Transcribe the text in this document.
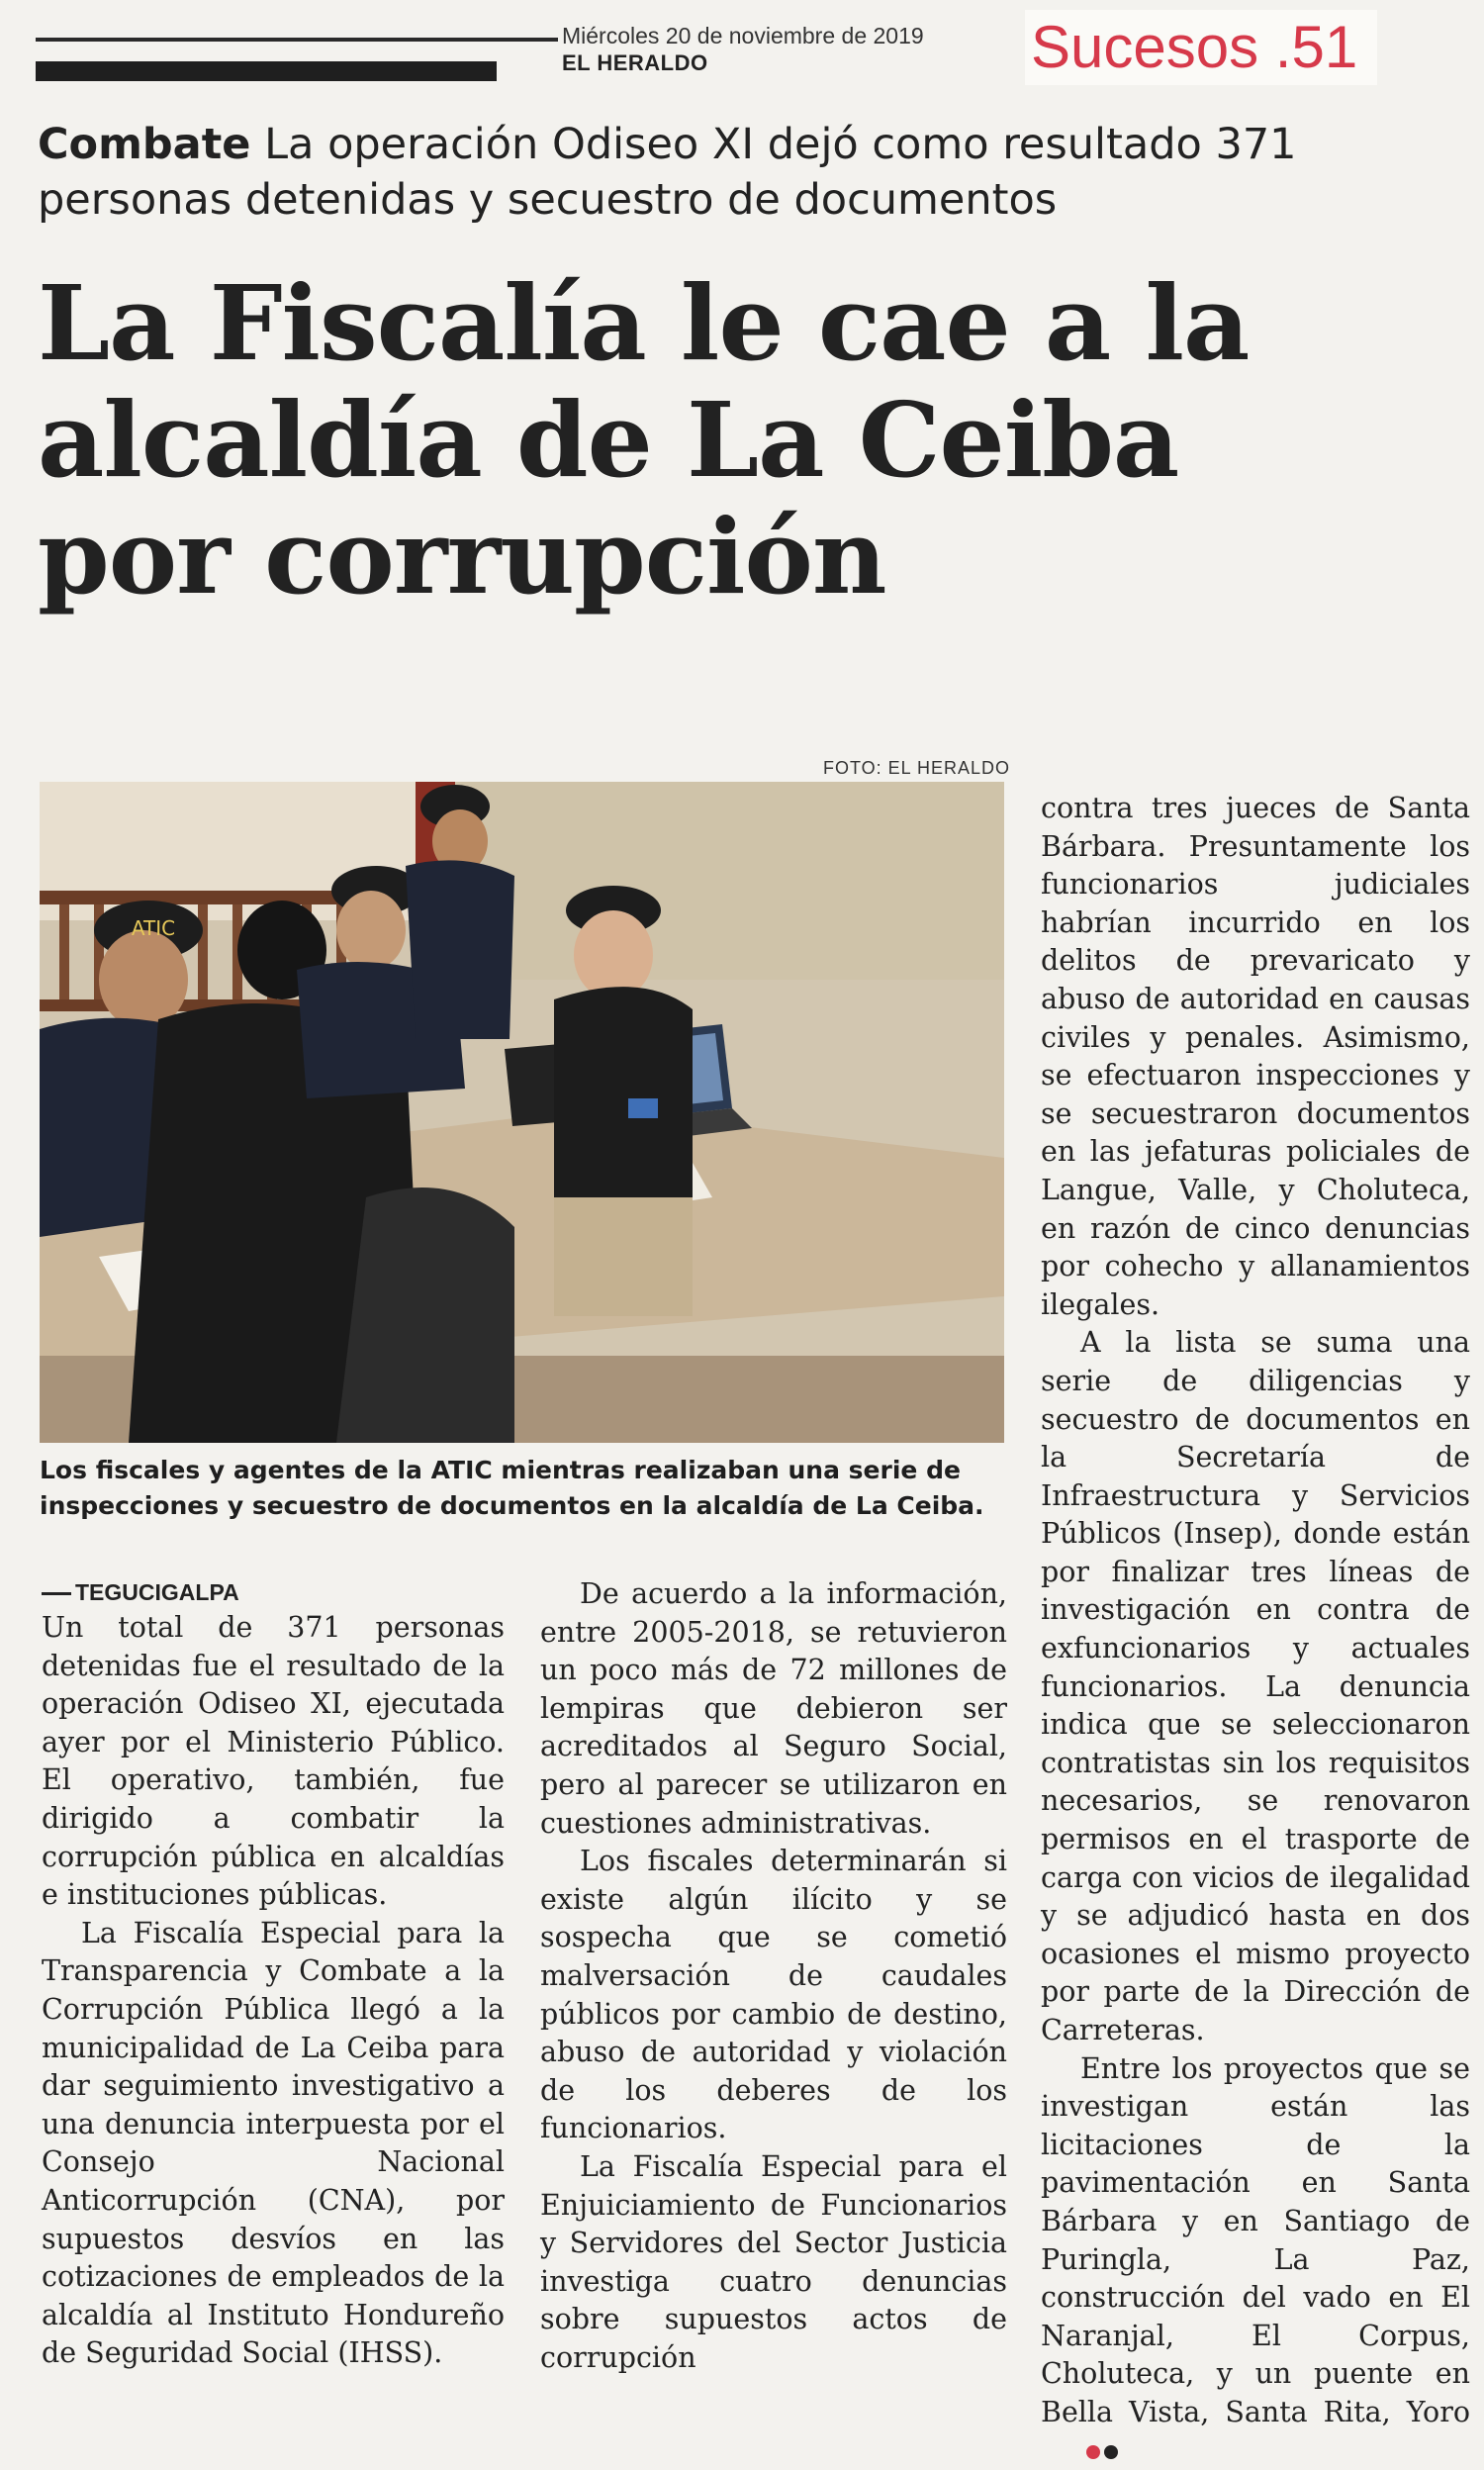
Miércoles 20 de noviembre de 2019
EL HERALDO	Sucesos .51
Combate La operación Odiseo XI dejó como resultado 371 personas detenidas y secuestro de documentos
La Fiscalía le cae a la
alcaldía de La Ceiba
por corrupción
FOTO: EL HERALDO
ATIC
Los fiscales y agentes de la ATIC mientras realizaban una serie de inspecciones y secuestro de documentos en la alcaldía de La Ceiba.
TEGUCIGALPA

Un total de 371 personas detenidas fue el resultado de la operación Odiseo XI, ejecutada ayer por el Ministerio Público. El operativo, también, fue dirigido a combatir la corrupción pública en alcaldías e instituciones públicas.

La Fiscalía Especial para la Transparencia y Combate a la Corrupción Pública llegó a la municipalidad de La Ceiba para dar seguimiento investigativo a una denuncia interpuesta por el Consejo Nacional Anticorrupción (CNA), por supuestos desvíos en las cotizaciones de empleados de la alcaldía al Instituto Hondureño de Seguridad Social (IHSS).

De acuerdo a la información, entre 2005-2018, se retuvieron un poco más de 72 millones de lempiras que debieron ser acreditados al Seguro Social, pero al parecer se utilizaron en cuestiones administrativas.

Los fiscales determinarán si existe algún ilícito y se sospecha que se cometió malversación de caudales públicos por cambio de destino, abuso de autoridad y violación de los deberes de los funcionarios.

La Fiscalía Especial para el Enjuiciamiento de Funcionarios y Servidores del Sector Justicia investiga cuatro denuncias sobre supuestos actos de corrupción

contra tres jueces de Santa Bárbara. Presuntamente los funcionarios judiciales habrían incurrido en los delitos de prevaricato y abuso de autoridad en causas civiles y penales. Asimismo, se efectuaron inspecciones y se secuestraron documentos en las jefaturas policiales de Langue, Valle, y Choluteca, en razón de cinco denuncias por cohecho y allanamientos ilegales.

A la lista se suma una serie de diligencias y secuestro de documentos en la Secretaría de Infraestructura y Servicios Públicos (Insep), donde están por finalizar tres líneas de investigación en contra de exfuncionarios y actuales funcionarios. La denuncia indica que se seleccionaron contratistas sin los requisitos necesarios, se renovaron permisos en el trasporte de carga con vicios de ilegalidad y se adjudicó hasta en dos ocasiones el mismo proyecto por parte de la Dirección de Carreteras.

Entre los proyectos que se investigan están las licitaciones de la pavimentación en Santa Bárbara y en Santiago de Puringla, La Paz, construcción del vado en El Naranjal, El Corpus, Choluteca, y un puente en Bella Vista, Santa Rita, Yoro
